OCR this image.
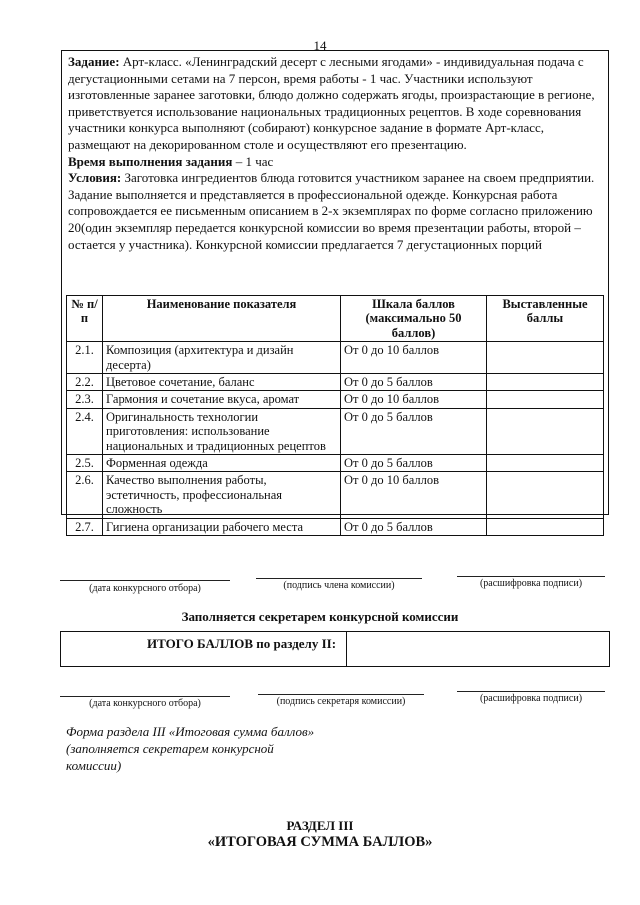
14

Задание: Арт-класс. «Ленинградский десерт с лесными ягодами» - индивидуальная подача с дегустационными сетами на 7 персон, время работы - 1 час. Участники используют изготовленные заранее заготовки, блюдо должно содержать ягоды, произрастающие в регионе, приветствуется использование национальных традиционных рецептов. В ходе соревнования участники конкурса выполняют (собирают) конкурсное задание в формате Арт-класс, размещают на декорированном столе и осуществляют его презентацию.

Время выполнения задания – 1 час

Условия: Заготовка ингредиентов блюда готовится участником заранее на своем предприятии. Задание выполняется и представляется в профессиональной одежде. Конкурсная работа сопровождается ее письменным описанием в 2-х экземплярах по форме согласно приложению 20(один экземпляр передается конкурсной комиссии во время презентации работы, второй – остается у участника). Конкурсной комиссии предлагается 7 дегустационных порций

№ п/п	Наименование показателя	Шкала баллов (максимально 50 баллов)	Выставленные баллы
2.1.	Композиция (архитектура и дизайн десерта)	От 0 до 10 баллов	
2.2.	Цветовое сочетание, баланс	От 0 до 5 баллов	
2.3.	Гармония и сочетание вкуса, аромат	От 0 до 10 баллов	
2.4.	Оригинальность технологии приготовления: использование национальных и традиционных рецептов	От 0 до 5 баллов	
2.5.	Форменная одежда	От 0 до 5 баллов	
2.6.	Качество выполнения работы, эстетичность, профессиональная сложность	От 0 до 10 баллов	
2.7.	Гигиена организации рабочего места	От 0 до 5 баллов	
(дата конкурсного отбора)	(подпись члена комиссии)	(расшифровка подписи)
Заполняется секретарем конкурсной комиссии
ИТОГО БАЛЛОВ по разделу II:
(дата конкурсного отбора)	(подпись секретаря комиссии)	(расшифровка подписи)
Форма раздела III «Итоговая сумма баллов» (заполняется секретарем конкурсной комиссии)
РАЗДЕЛ III
«ИТОГОВАЯ СУММА БАЛЛОВ»
